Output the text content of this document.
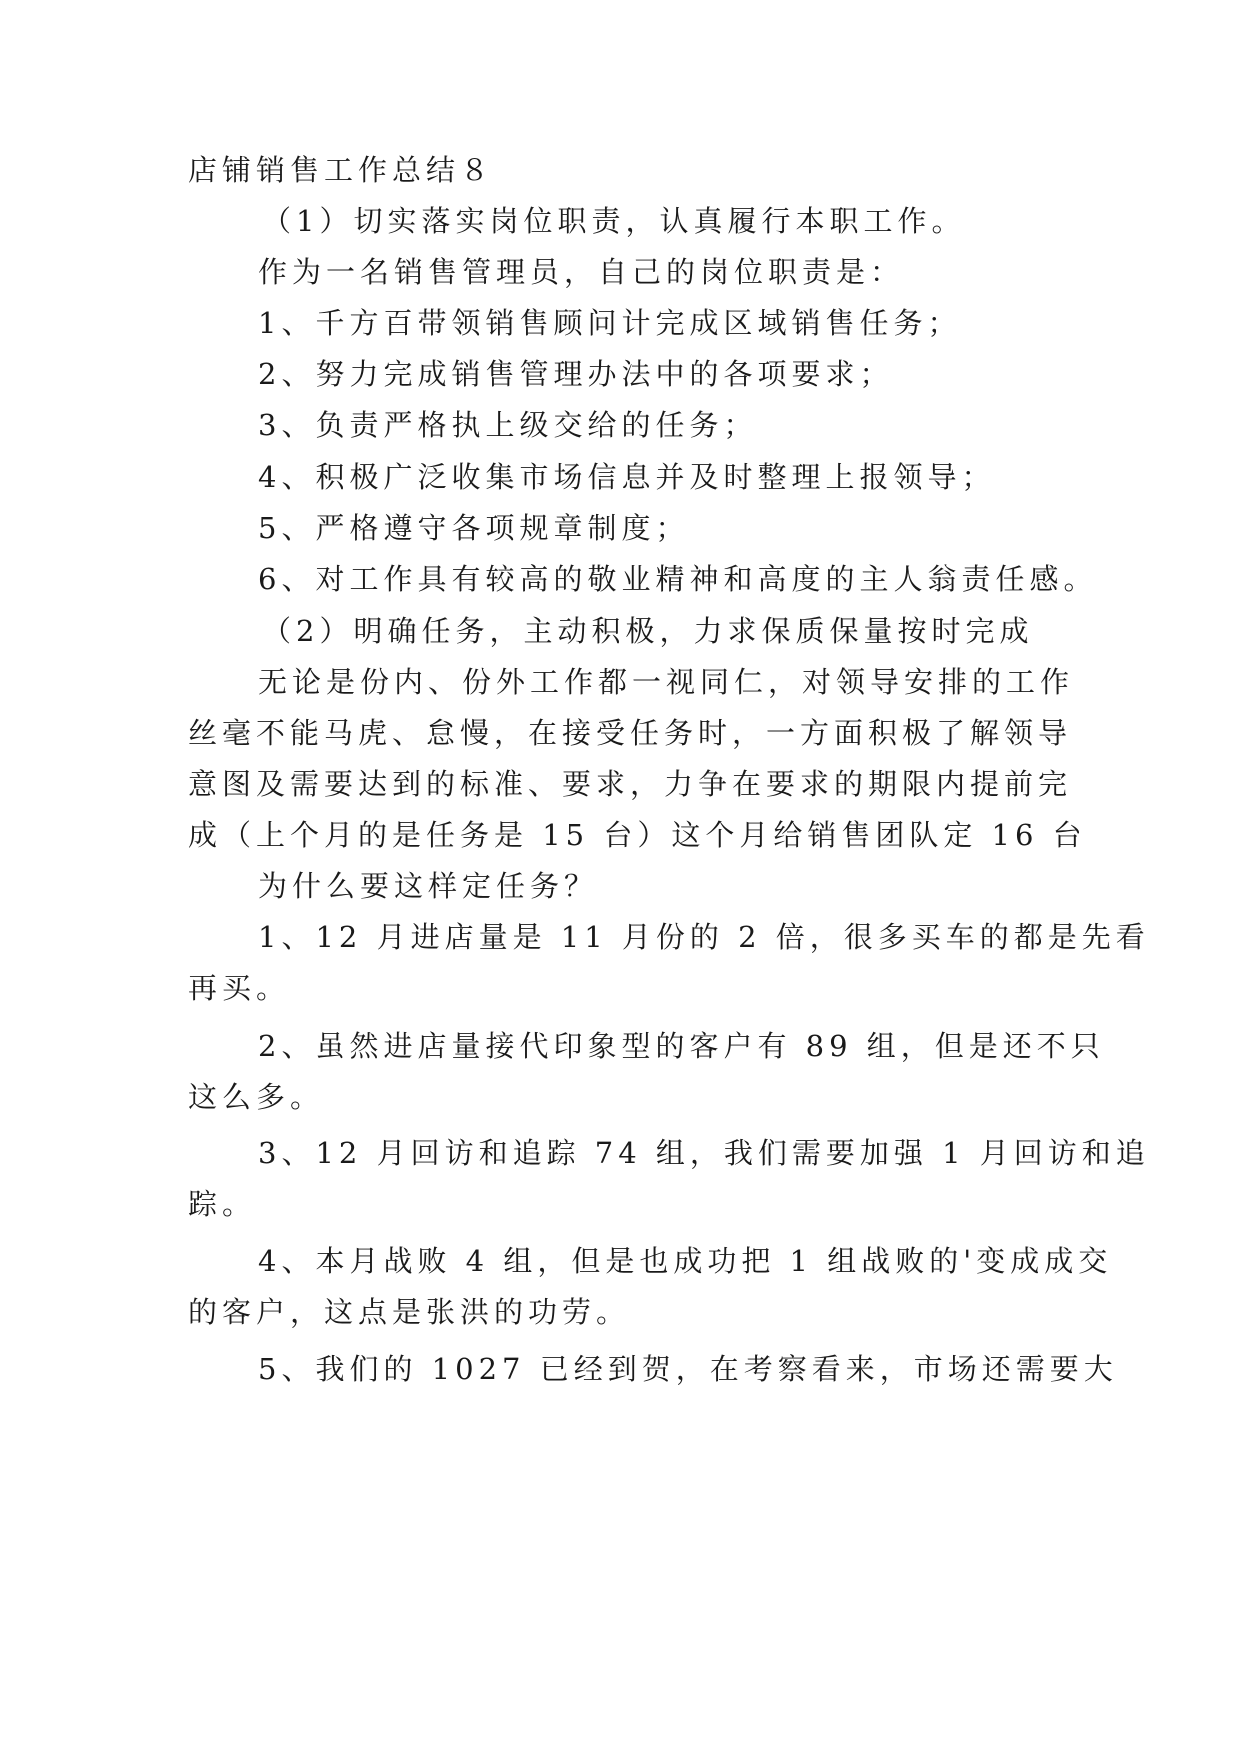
店铺销售工作总结８

（1）切实落实岗位职责，认真履行本职工作。

作为一名销售管理员，自己的岗位职责是：

1、千方百带领销售顾问计完成区域销售任务；

2、努力完成销售管理办法中的各项要求；

3、负责严格执上级交给的任务；

4、积极广泛收集市场信息并及时整理上报领导；

5、严格遵守各项规章制度；

6、对工作具有较高的敬业精神和高度的主人翁责任感。

（2）明确任务，主动积极，力求保质保量按时完成

无论是份内、份外工作都一视同仁，对领导安排的工作

丝毫不能马虎、怠慢，在接受任务时，一方面积极了解领导

意图及需要达到的标准、要求，力争在要求的期限内提前完

成（上个月的是任务是 15 台）这个月给销售团队定 16 台

为什么要这样定任务？

1、12 月进店量是 11 月份的 2 倍，很多买车的都是先看

再买。

2、虽然进店量接代印象型的客户有 89 组，但是还不只

这么多。

3、12 月回访和追踪 74 组，我们需要加强 1 月回访和追

踪。

4、本月战败 4 组，但是也成功把 1 组战败的'变成成交

的客户，这点是张洪的功劳。

5、我们的 1027 已经到贺，在考察看来，市场还需要大
